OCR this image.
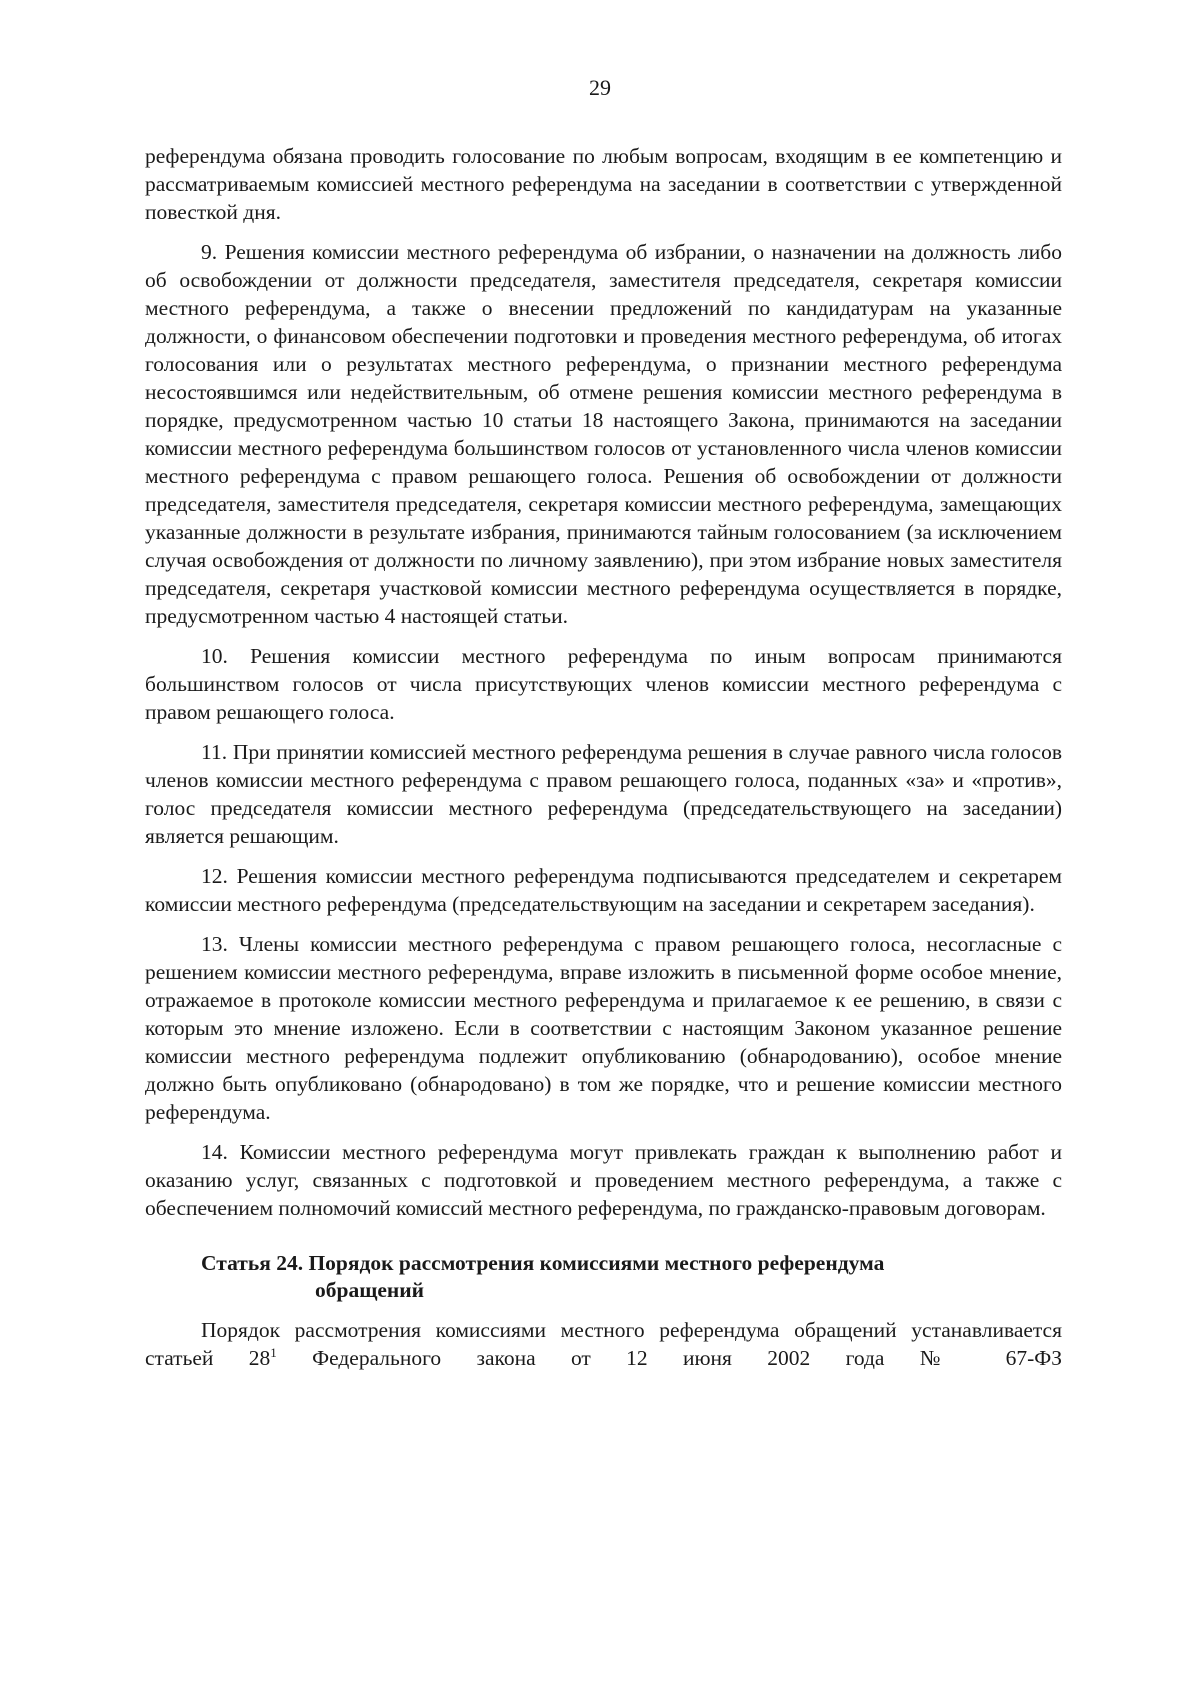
29

референдума обязана проводить голосование по любым вопросам, входящим в ее компетенцию и рассматриваемым комиссией местного референдума на заседании в соответствии с утвержденной повесткой дня.

9. Решения комиссии местного референдума об избрании, о назначении на должность либо об освобождении от должности председателя, заместителя председателя, секретаря комиссии местного референдума, а также о внесении предложений по кандидатурам на указанные должности, о финансовом обеспечении подготовки и проведения местного референдума, об итогах голосования или о результатах местного референдума, о признании местного референдума несостоявшимся или недействительным, об отмене решения комиссии местного референдума в порядке, предусмотренном частью 10 статьи 18 настоящего Закона, принимаются на заседании комиссии местного референдума большинством голосов от установленного числа членов комиссии местного референдума с правом решающего голоса. Решения об освобождении от должности председателя, заместителя председателя, секретаря комиссии местного референдума, замещающих указанные должности в результате избрания, принимаются тайным голосованием (за исключением случая освобождения от должности по личному заявлению), при этом избрание новых заместителя председателя, секретаря участковой комиссии местного референдума осуществляется в порядке, предусмотренном частью 4 настоящей статьи.

10. Решения комиссии местного референдума по иным вопросам принимаются большинством голосов от числа присутствующих членов комиссии местного референдума с правом решающего голоса.

11. При принятии комиссией местного референдума решения в случае равного числа голосов членов комиссии местного референдума с правом решающего голоса, поданных «за» и «против», голос председателя комиссии местного референдума (председательствующего на заседании) является решающим.

12. Решения комиссии местного референдума подписываются председателем и секретарем комиссии местного референдума (председательствующим на заседании и секретарем заседания).

13. Члены комиссии местного референдума с правом решающего голоса, несогласные с решением комиссии местного референдума, вправе изложить в письменной форме особое мнение, отражаемое в протоколе комиссии местного референдума и прилагаемое к ее решению, в связи с которым это мнение изложено. Если в соответствии с настоящим Законом указанное решение комиссии местного референдума подлежит опубликованию (обнародованию), особое мнение должно быть опубликовано (обнародовано) в том же порядке, что и решение комиссии местного референдума.

14. Комиссии местного референдума могут привлекать граждан к выполнению работ и оказанию услуг, связанных с подготовкой и проведением местного референдума, а также с обеспечением полномочий комиссий местного референдума, по гражданско-правовым договорам.

Статья 24. Порядок рассмотрения комиссиями местного референдума
обращений

Порядок рассмотрения комиссиями местного референдума обращений устанавливается статьей $28^1$ Федерального закона от 12 июня 2002 года № 67-ФЗ
